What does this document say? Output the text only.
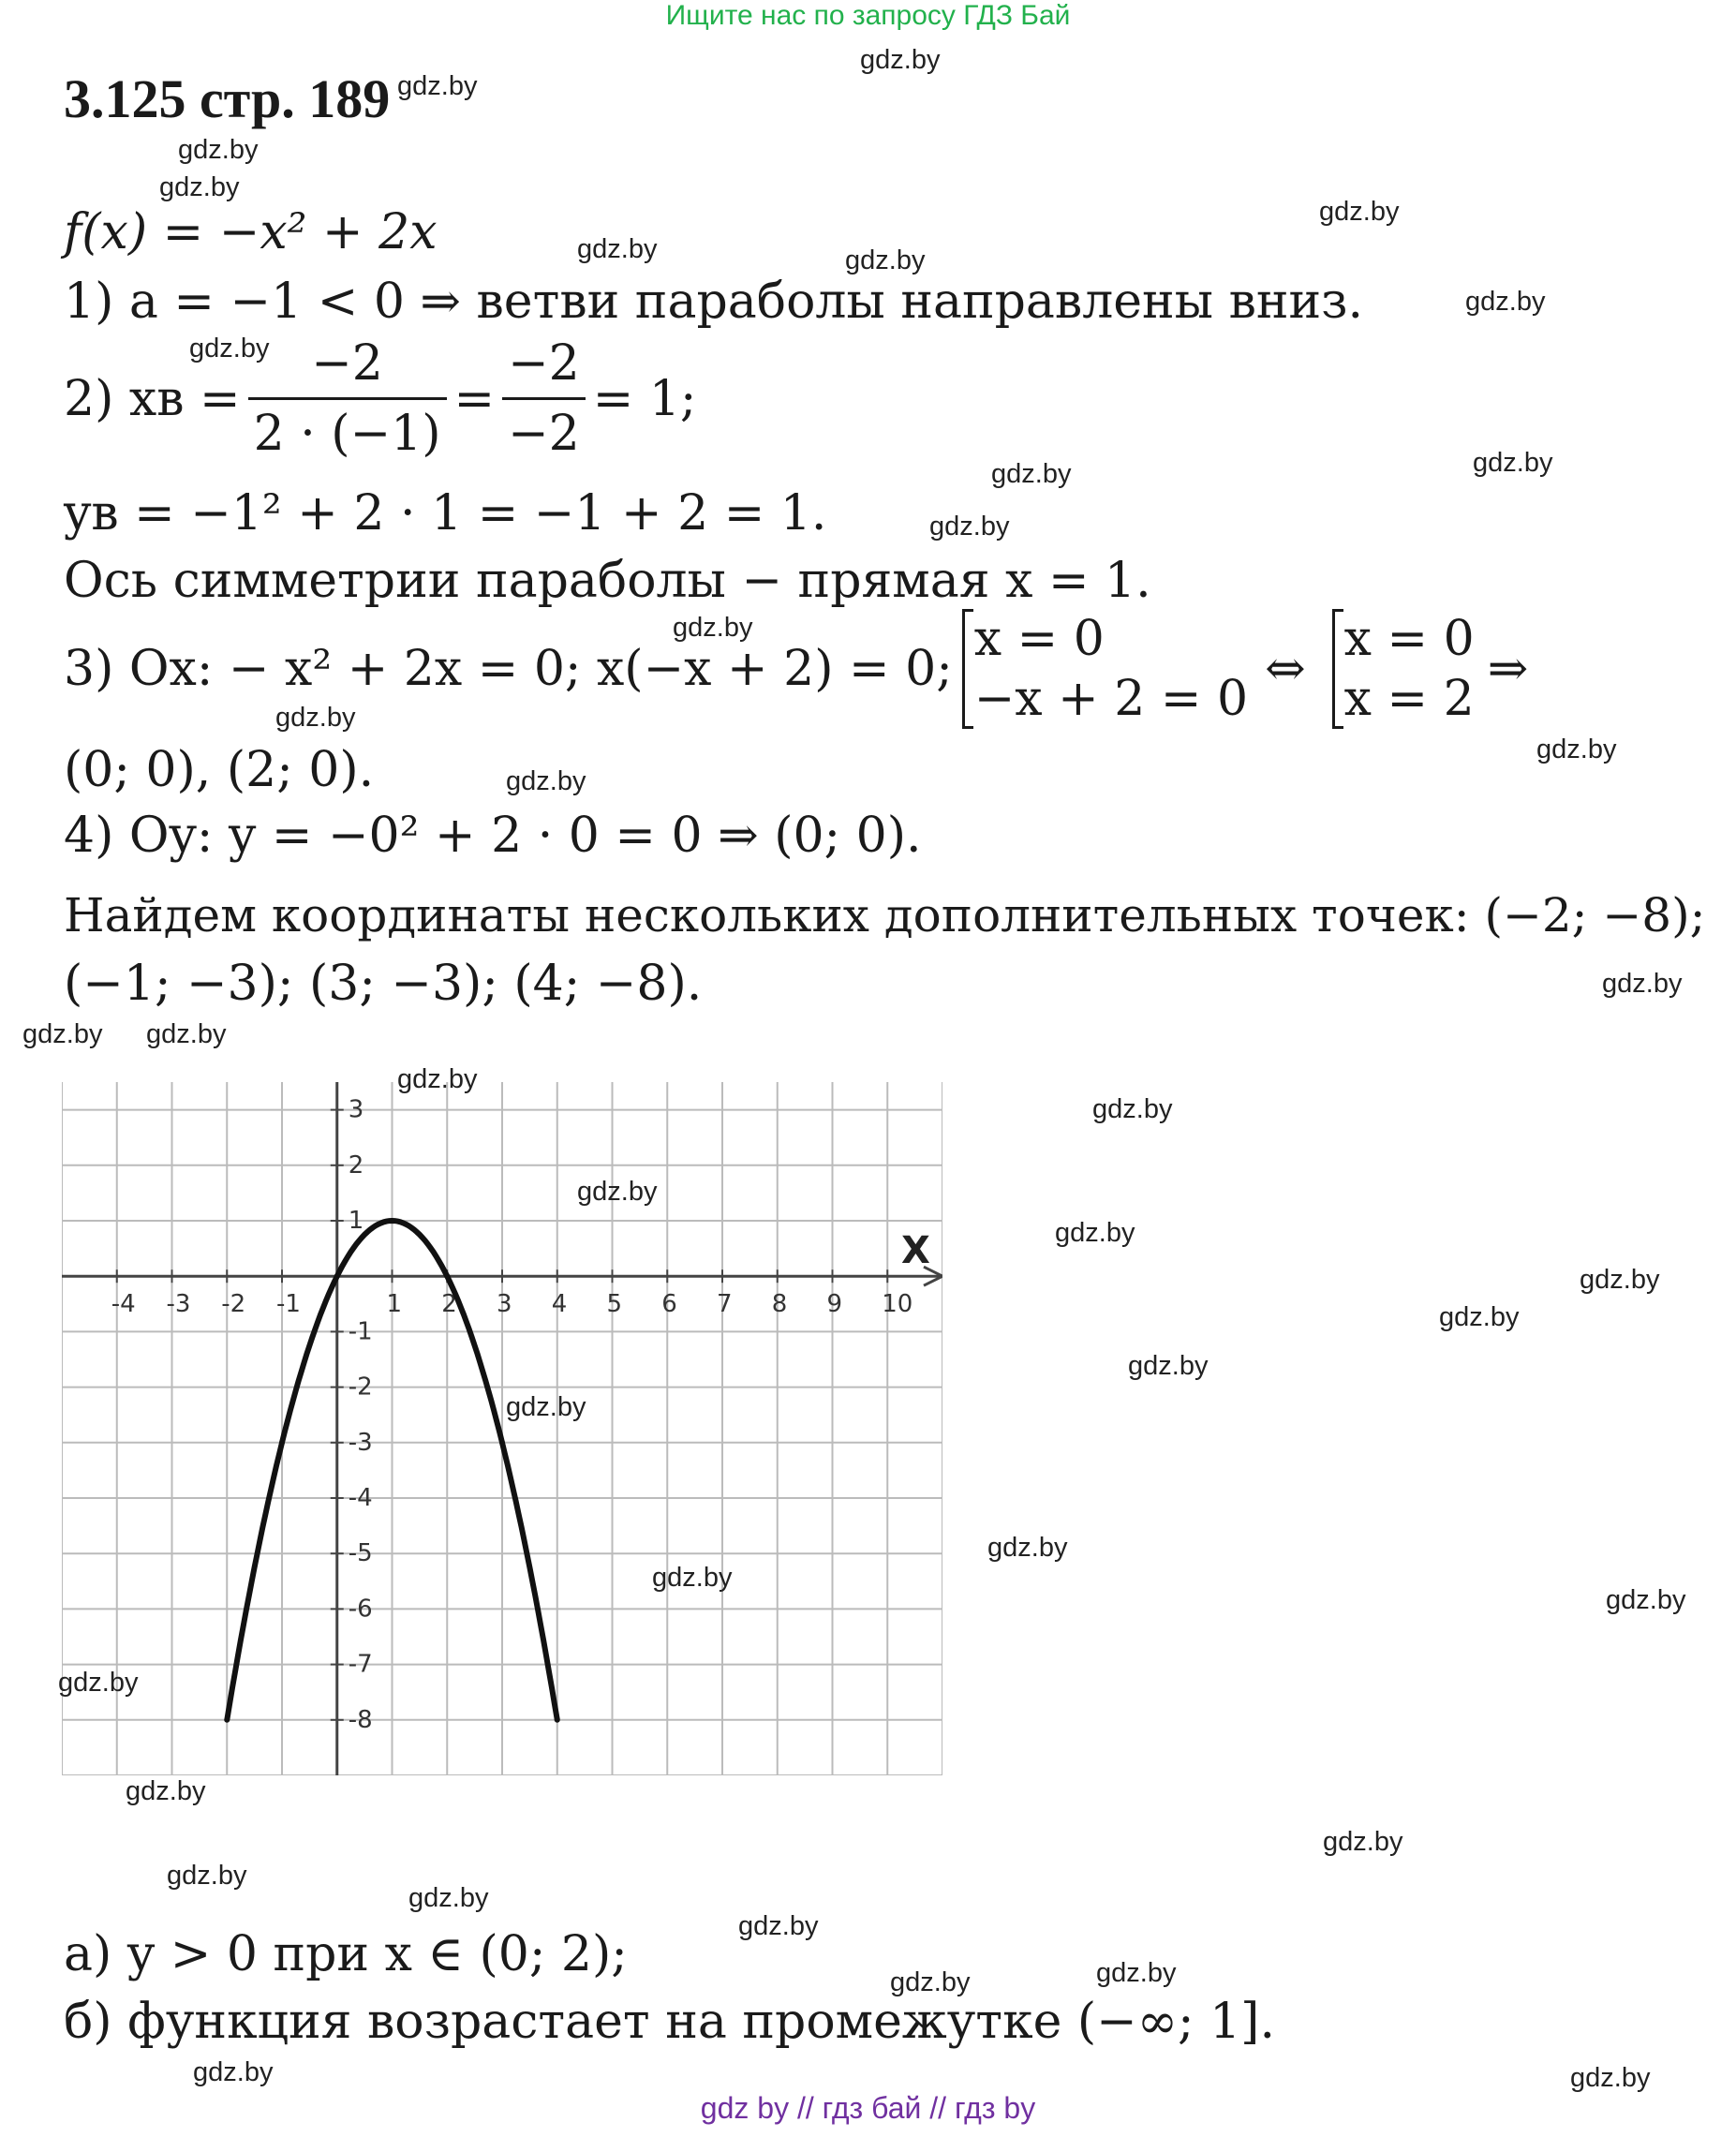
Ищите нас по запросу ГДЗ Бай
3.125 стр. 189
f(x) = −x² + 2x
1) a = −1 < 0 ⇒ ветви параболы направлены вниз.
2) xв = $\frac{-2}{2 \cdot (-1)} = \frac{-2}{-2} = 1$;
yв = −1² + 2 · 1 = −1 + 2 = 1.
Ось симметрии параболы − прямая x = 1.
3) Ox: − x² + 2x = 0; x(−x + 2) = 0;
x = 0
−x + 2 = 0
⇔
x = 0
x = 2
⇒
(0; 0), (2; 0).
4) Oy: y = −0² + 2 · 0 = 0 ⇒ (0; 0).
Найдем координаты нескольких дополнительных точек: (−2; −8);
(−1; −3); (3; −3); (4; −8).
-4 -3 -2 -1	1 2 3 4 5 6 7 8 9 10
3
2
1
-1
-2
-3
-4
-5
-6
-7
-8
X
а) y > 0 при x ∈ (0; 2);
б) функция возрастает на промежутке (−∞; 1].
gdz by // гдз бай // гдз by
gdz.by
gdz.by
gdz.by
gdz.by
gdz.by
gdz.by	gdz.by
gdz.by
gdz.by
gdz.by
gdz.by
gdz.by
gdz.by
gdz.by
gdz.by
gdz.by
gdz.by
gdz.by gdz.by
gdz.by
gdz.by
gdz.by
gdz.by
gdz.by
gdz.by
gdz.by
gdz.by
gdz.by
gdz.by
gdz.by
gdz.by
gdz.by
gdz.by
gdz.by
gdz.by
gdz.by
gdz.by	gdz.by
gdz.by	gdz.by
